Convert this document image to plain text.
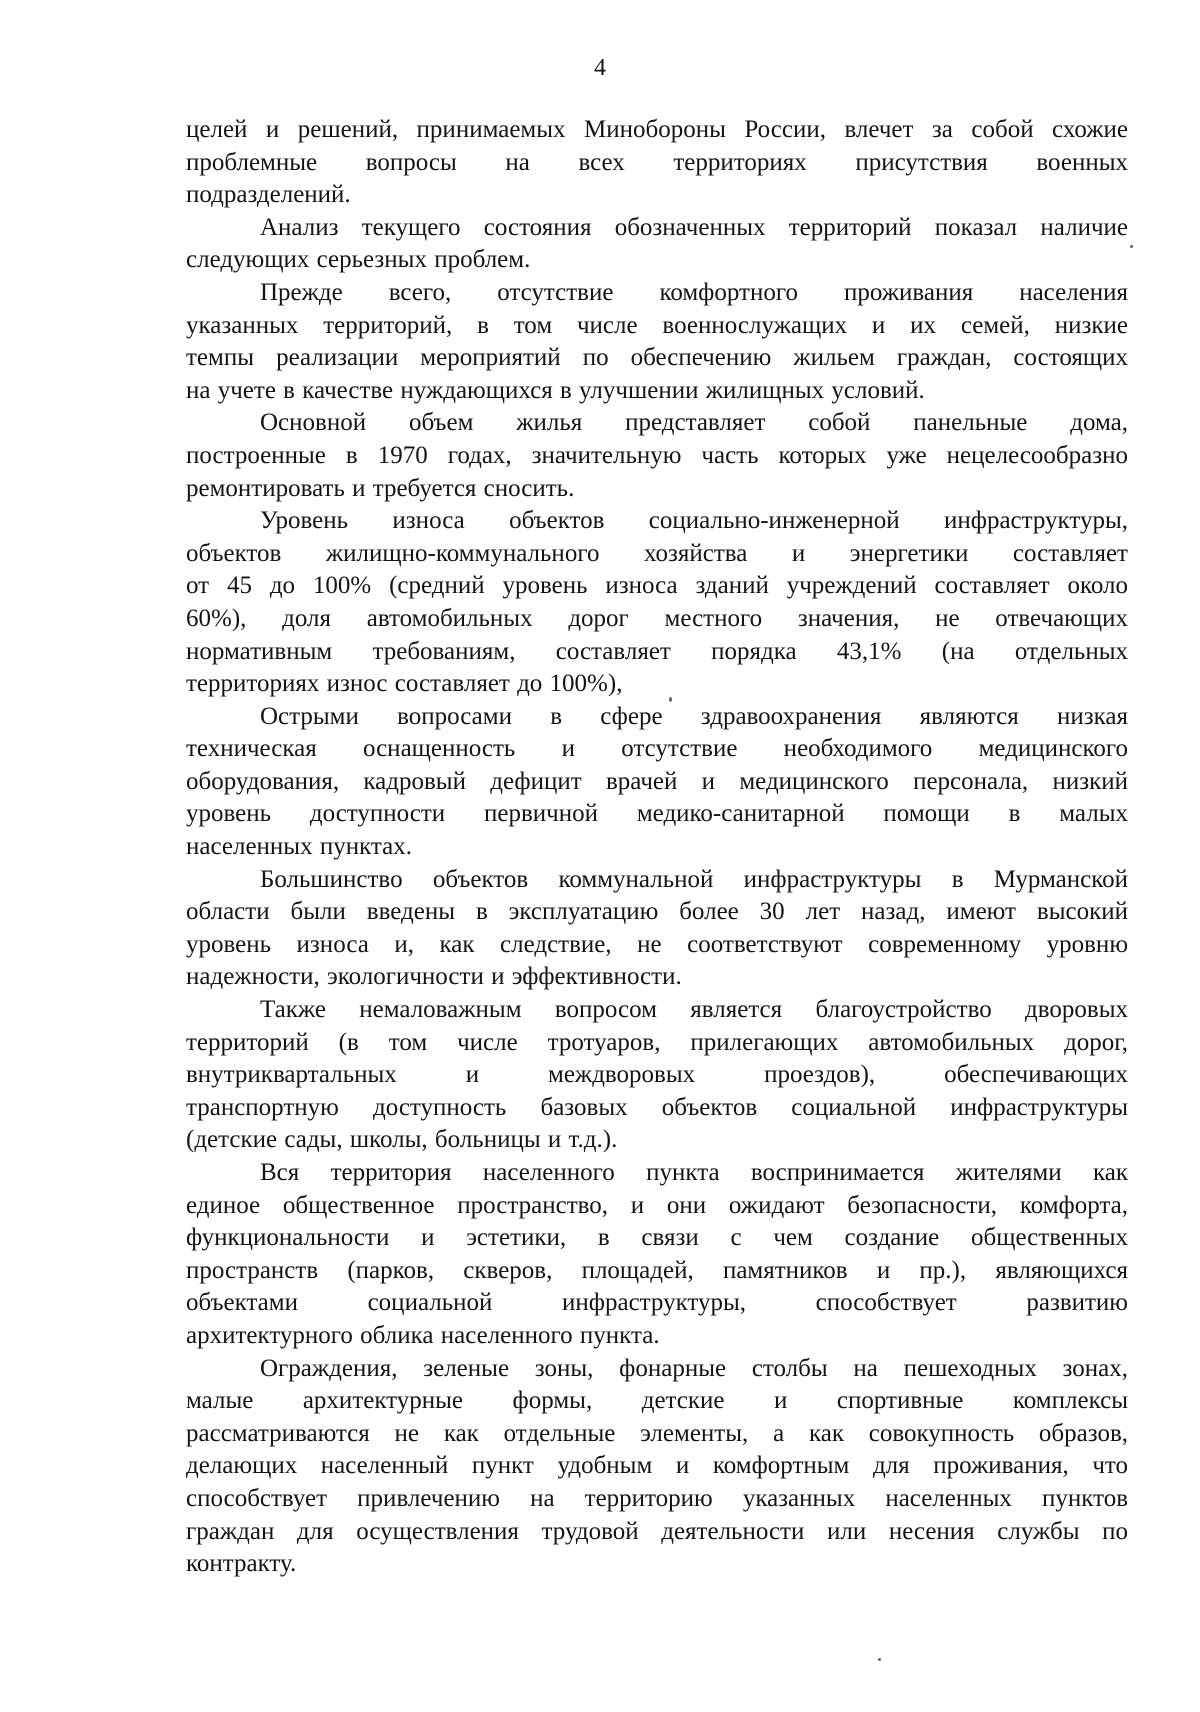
4

целей и решений, принимаемых Минобороны России, влечет за собой схожие
проблемные вопросы на всех территориях присутствия военных
подразделений.

Анализ текущего состояния обозначенных территорий показал наличие
следующих серьезных проблем.

Прежде всего, отсутствие комфортного проживания населения
указанных территорий, в том числе военнослужащих и их семей, низкие
темпы реализации мероприятий по обеспечению жильем граждан, состоящих
на учете в качестве нуждающихся в улучшении жилищных условий.

Основной объем жилья представляет собой панельные дома,
построенные в 1970 годах, значительную часть которых уже нецелесообразно
ремонтировать и требуется сносить.

Уровень износа объектов социально-инженерной инфраструктуры,
объектов жилищно-коммунального хозяйства и энергетики составляет
от 45 до 100% (средний уровень износа зданий учреждений составляет около
60%), доля автомобильных дорог местного значения, не отвечающих
нормативным требованиям, составляет порядка 43,1% (на отдельных
территориях износ составляет до 100%),

Острыми вопросами в сфере здравоохранения являются низкая
техническая оснащенность и отсутствие необходимого медицинского
оборудования, кадровый дефицит врачей и медицинского персонала, низкий
уровень доступности первичной медико-санитарной помощи в малых
населенных пунктах.

Большинство объектов коммунальной инфраструктуры в Мурманской
области были введены в эксплуатацию более 30 лет назад, имеют высокий
уровень износа и, как следствие, не соответствуют современному уровню
надежности, экологичности и эффективности.

Также немаловажным вопросом является благоустройство дворовых
территорий (в том числе тротуаров, прилегающих автомобильных дорог,
внутриквартальных и междворовых проездов), обеспечивающих
транспортную доступность базовых объектов социальной инфраструктуры
(детские сады, школы, больницы и т.д.).

Вся территория населенного пункта воспринимается жителями как
единое общественное пространство, и они ожидают безопасности, комфорта,
функциональности и эстетики, в связи с чем создание общественных
пространств (парков, скверов, площадей, памятников и пр.), являющихся
объектами социальной инфраструктуры, способствует развитию
архитектурного облика населенного пункта.

Ограждения, зеленые зоны, фонарные столбы на пешеходных зонах,
малые архитектурные формы, детские и спортивные комплексы
рассматриваются не как отдельные элементы, а как совокупность образов,
делающих населенный пункт удобным и комфортным для проживания, что
способствует привлечению на территорию указанных населенных пунктов
граждан для осуществления трудовой деятельности или несения службы по
контракту.
